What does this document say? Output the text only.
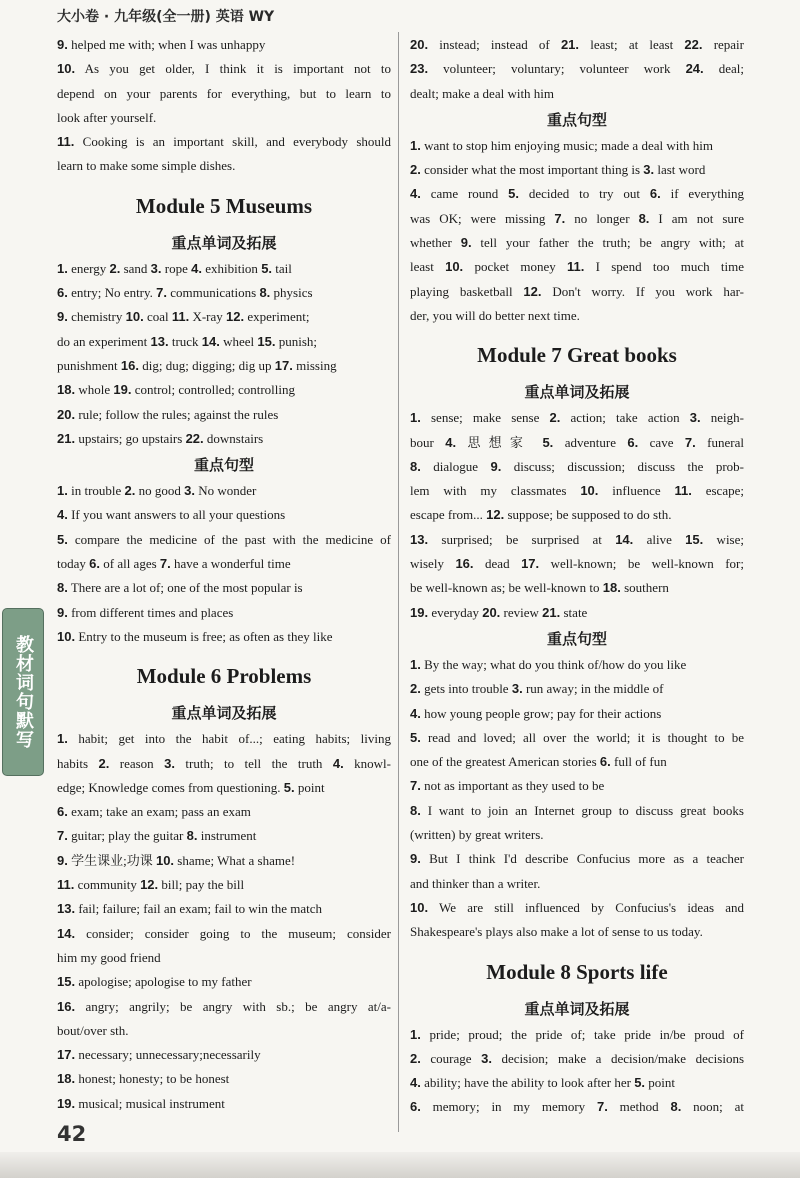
大小卷 · 九年级(全一册) 英语 WY
9. helped me with; when I was unhappy
10. As you get older, I think it is important not to
depend on your parents for everything, but to learn to
look after yourself.
11. Cooking is an important skill, and everybody should
learn to make some simple dishes.
Module 5 Museums
重点单词及拓展
1. energy 2. sand 3. rope 4. exhibition 5. tail
6. entry; No entry. 7. communications 8. physics
9. chemistry 10. coal 11. X-ray 12. experiment;
do an experiment 13. truck 14. wheel 15. punish;
punishment 16. dig; dug; digging; dig up 17. missing
18. whole 19. control; controlled; controlling
20. rule; follow the rules; against the rules
21. upstairs; go upstairs 22. downstairs
重点句型
1. in trouble 2. no good 3. No wonder
4. If you want answers to all your questions
5. compare the medicine of the past with the medicine of
today 6. of all ages 7. have a wonderful time
8. There are a lot of; one of the most popular is
9. from different times and places
10. Entry to the museum is free; as often as they like
Module 6 Problems
重点单词及拓展
1. habit; get into the habit of...; eating habits; living
habits 2. reason 3. truth; to tell the truth 4. knowl-
edge; Knowledge comes from questioning. 5. point
6. exam; take an exam; pass an exam
7. guitar; play the guitar 8. instrument
9. 学生课业;功课 10. shame; What a shame!
11. community 12. bill; pay the bill
13. fail; failure; fail an exam; fail to win the match
14. consider; consider going to the museum; consider
him my good friend
15. apologise; apologise to my father
16. angry; angrily; be angry with sb.; be angry at/a-
bout/over sth.
17. necessary; unnecessary;necessarily
18. honest; honesty; to be honest
19. musical; musical instrument
20. instead; instead of 21. least; at least 22. repair
23. volunteer; voluntary; volunteer work 24. deal;
dealt; make a deal with him
重点句型
1. want to stop him enjoying music; made a deal with him
2. consider what the most important thing is 3. last word
4. came round 5. decided to try out 6. if everything
was OK; were missing 7. no longer 8. I am not sure
whether 9. tell your father the truth; be angry with; at
least 10. pocket money 11. I spend too much time
playing basketball 12. Don't worry. If you work har-
der, you will do better next time.
Module 7 Great books
重点单词及拓展
1. sense; make sense 2. action; take action 3. neigh-
bour 4. 思想家 5. adventure 6. cave 7. funeral
8. dialogue 9. discuss; discussion; discuss the prob-
lem with my classmates 10. influence 11. escape;
escape from... 12. suppose; be supposed to do sth.
13. surprised; be surprised at 14. alive 15. wise;
wisely 16. dead 17. well-known; be well-known for;
be well-known as; be well-known to 18. southern
19. everyday 20. review 21. state
重点句型
1. By the way; what do you think of/how do you like
2. gets into trouble 3. run away; in the middle of
4. how young people grow; pay for their actions
5. read and loved; all over the world; it is thought to be
one of the greatest American stories 6. full of fun
7. not as important as they used to be
8. I want to join an Internet group to discuss great books
(written) by great writers.
9. But I think I'd describe Confucius more as a teacher
and thinker than a writer.
10. We are still influenced by Confucius's ideas and
Shakespeare's plays also make a lot of sense to us today.
Module 8 Sports life
重点单词及拓展
1. pride; proud; the pride of; take pride in/be proud of
2. courage 3. decision; make a decision/make decisions
4. ability; have the ability to look after her 5. point
6. memory; in my memory 7. method 8. noon; at
教材词句默写
42
